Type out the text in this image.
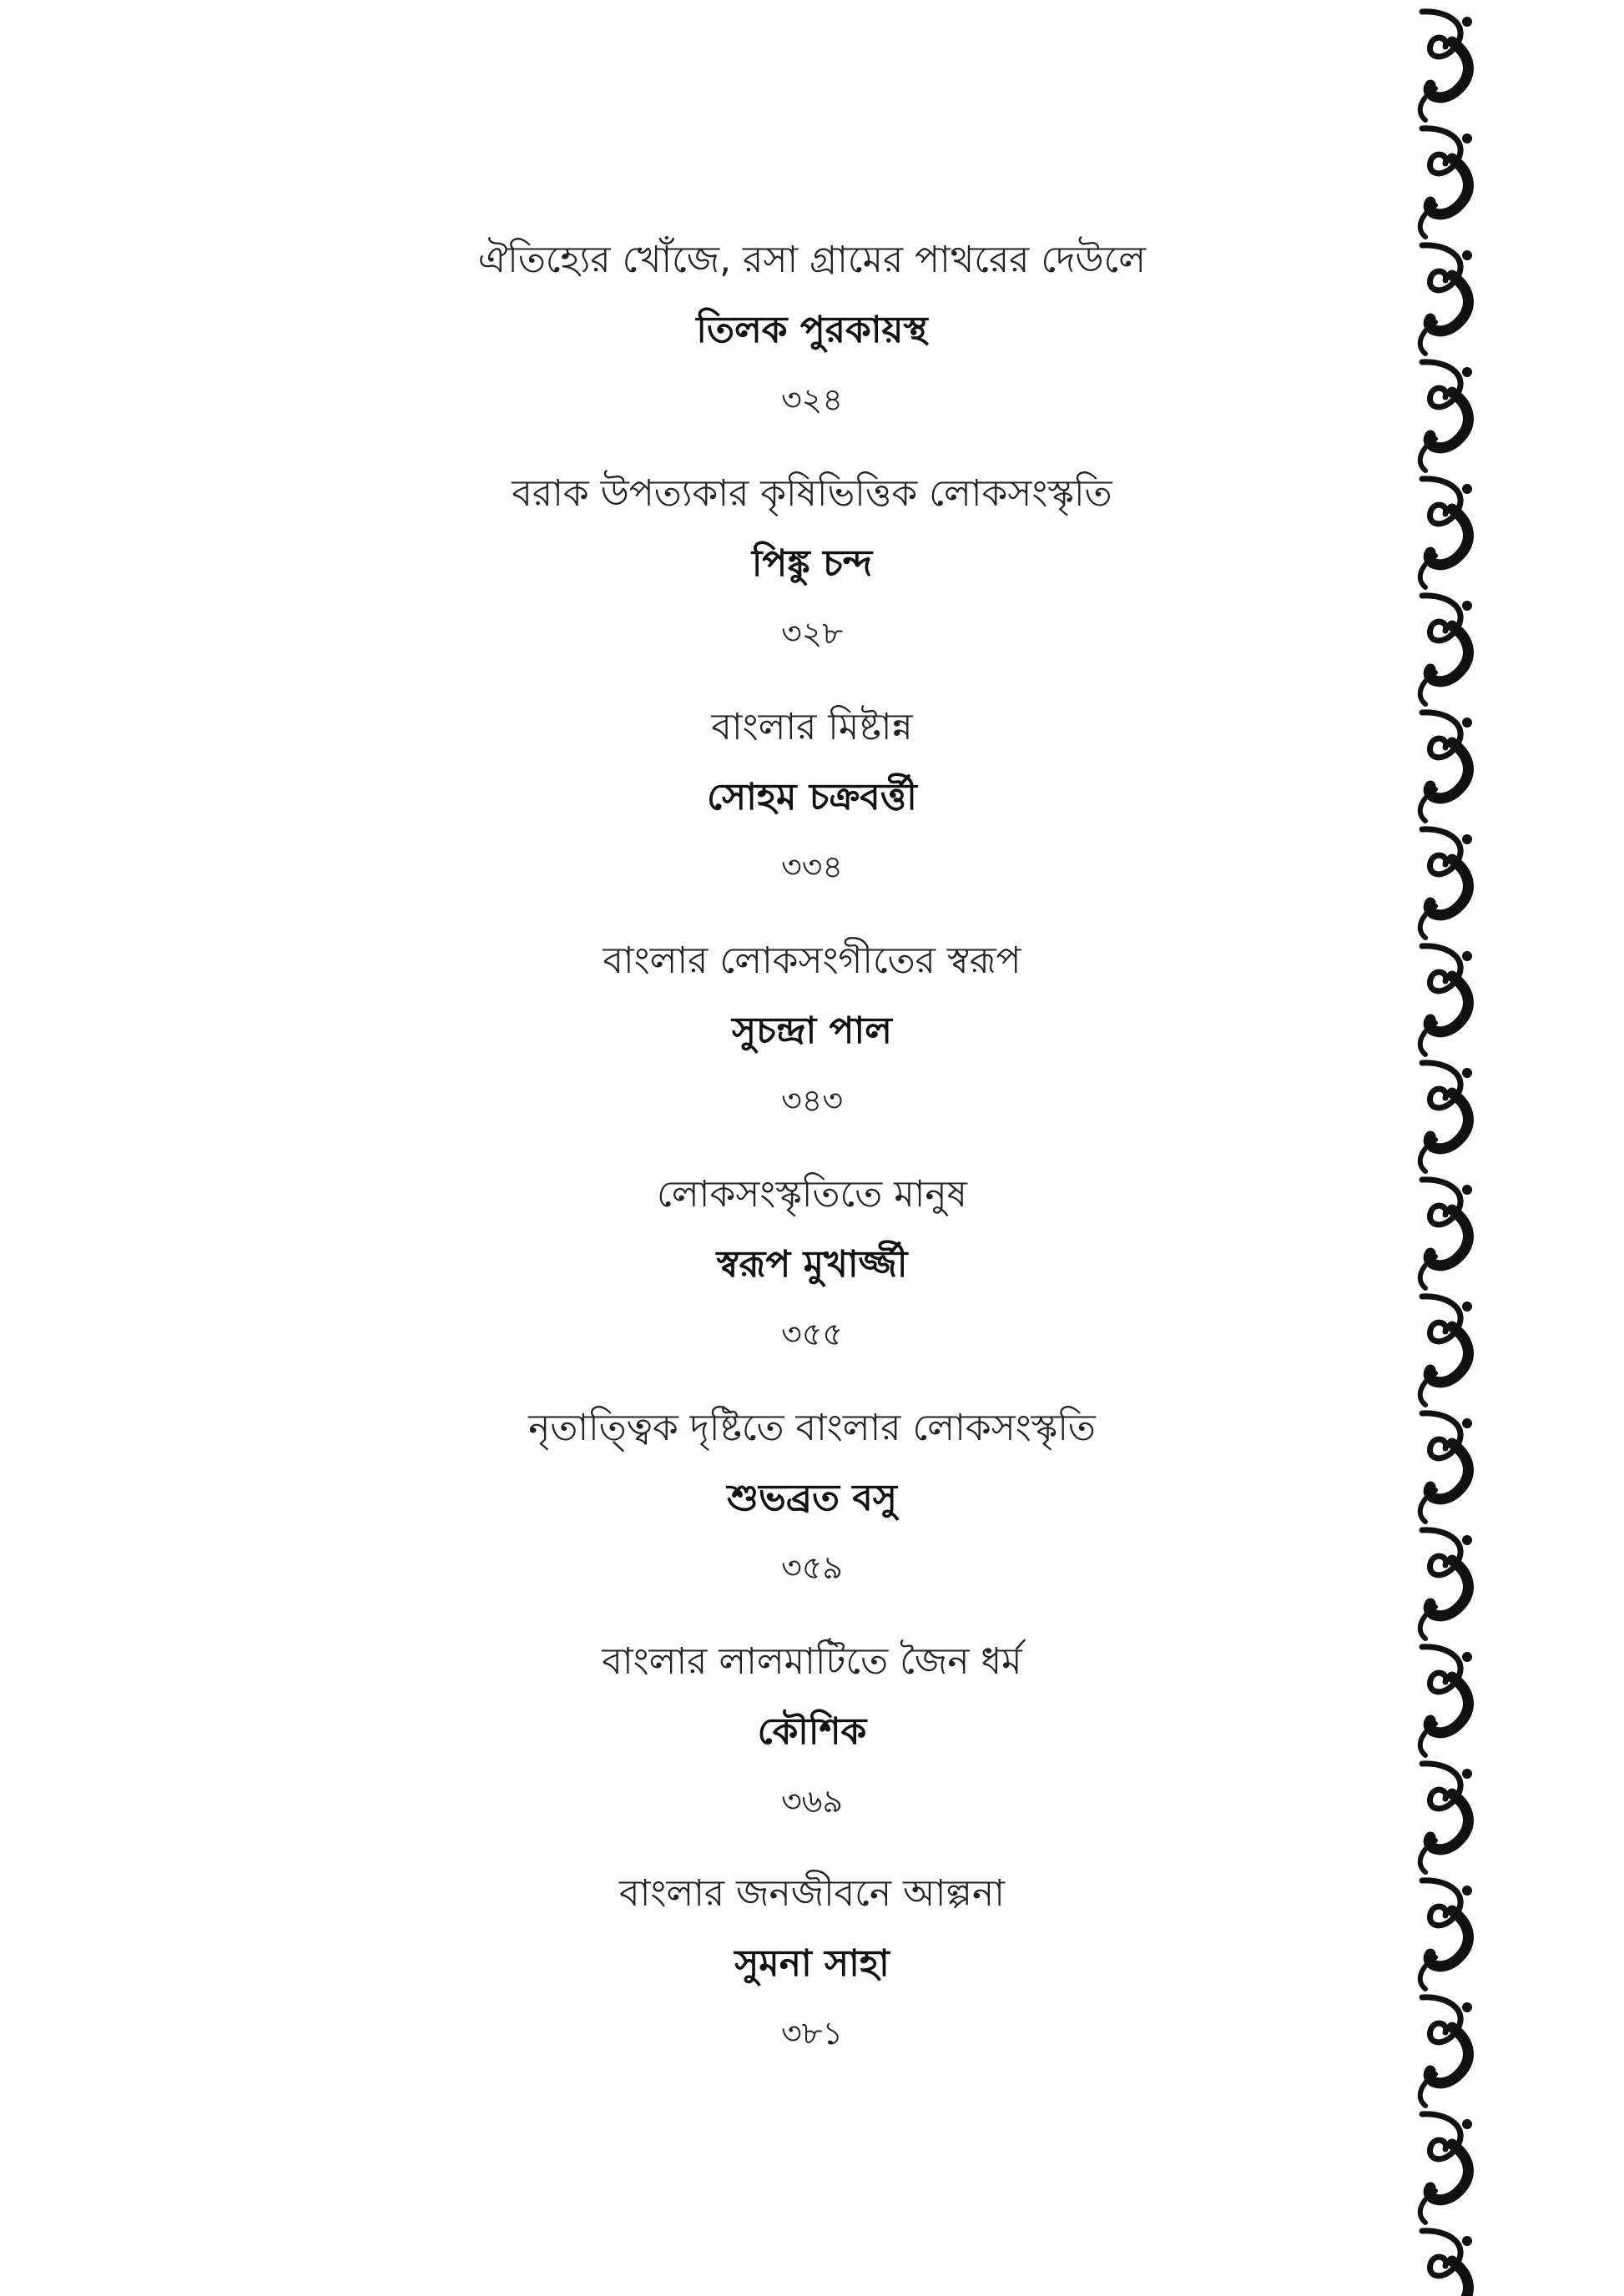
ঐতিহ্যের খোঁজে, রসা গ্রামের পাথরের দেউলে
তিলক পুরকায়স্থ
৩২৪
বরাক উপত্যকার কৃষিভিত্তিক লোকসংস্কৃতি
পিঙ্কু চন্দ
৩২৮
বাংলার মিষ্টান্ন
সোহম চক্রবর্ত্তী
৩৩৪
বাংলার লোকসংগীতের স্বরূপ
সুচন্দ্রা পাল
৩৪৩
লোকসংস্কৃতিতে মানুষ
স্বরূপ মুখার্জ্জী
৩৫৫
নৃতাত্ত্বিক দৃষ্টিতে বাংলার লোকসংস্কৃতি
শুভব্রত বসু
৩৫৯
বাংলার লালমাটিতে জৈন ধর্ম
কৌশিক
৩৬৯
বাংলার জনজীবনে আল্পনা
সুমনা সাহা
৩৮১
